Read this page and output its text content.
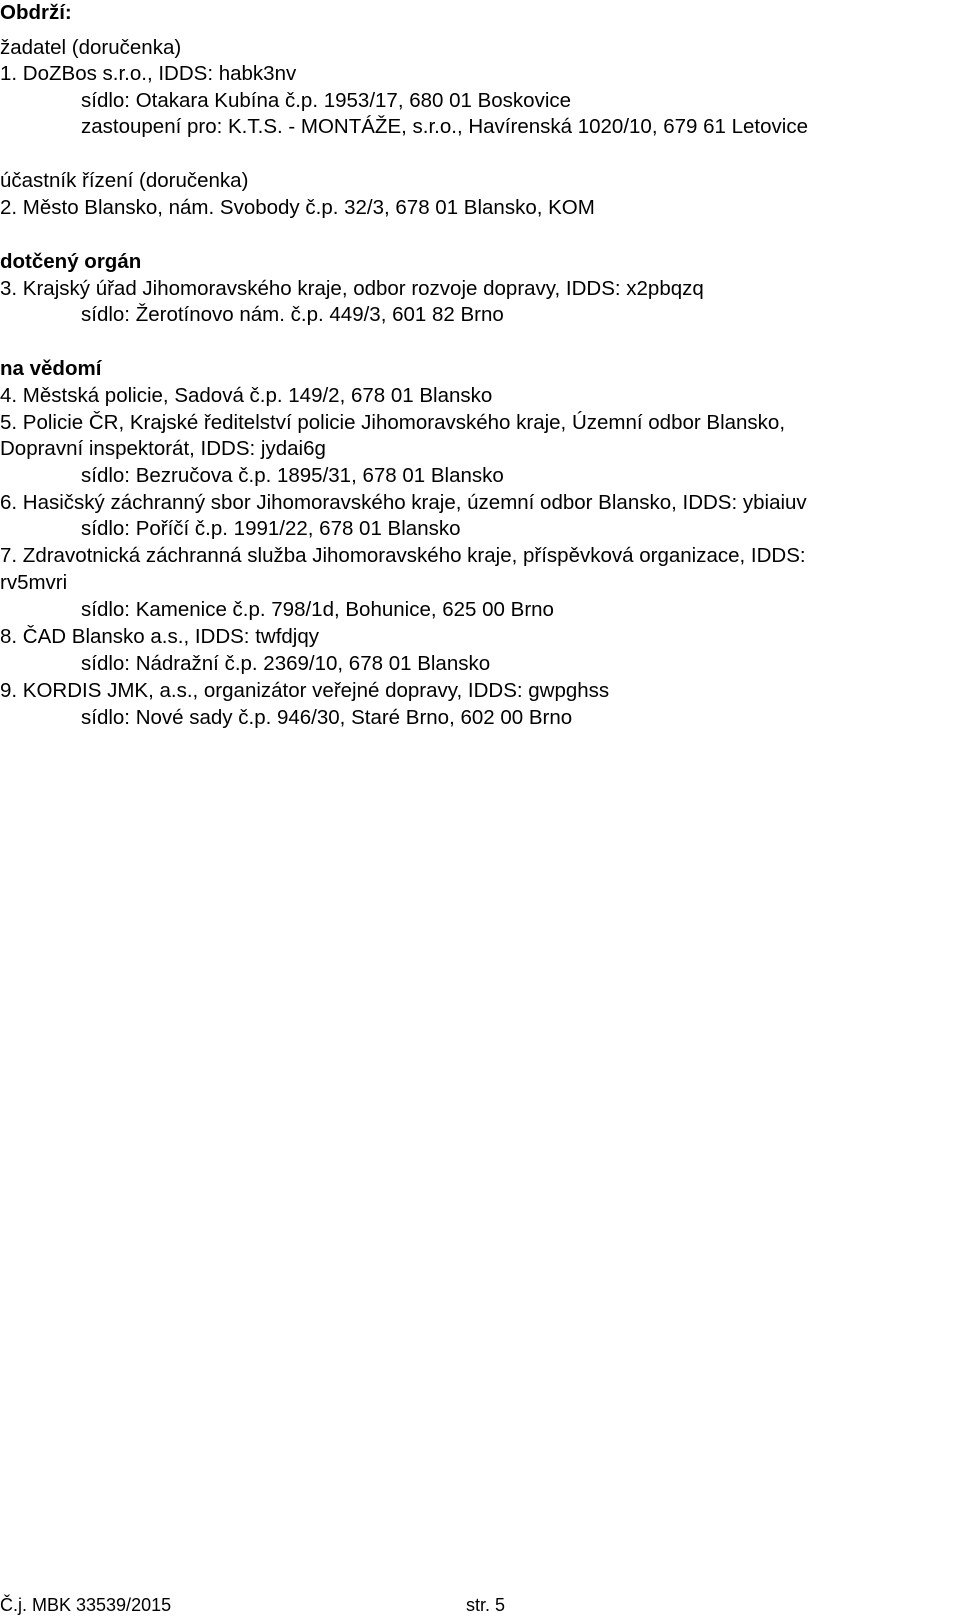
Obdrží:
žadatel (doručenka)
1. DoZBos s.r.o., IDDS: habk3nv
sídlo: Otakara Kubína č.p. 1953/17, 680 01 Boskovice
zastoupení pro: K.T.S. - MONTÁŽE, s.r.o., Havírenská 1020/10, 679 61 Letovice
účastník řízení (doručenka)
2. Město Blansko, nám. Svobody č.p. 32/3, 678 01 Blansko, KOM
dotčený orgán
3. Krajský úřad Jihomoravského kraje, odbor rozvoje dopravy, IDDS: x2pbqzq
sídlo: Žerotínovo nám. č.p. 449/3, 601 82 Brno
na vědomí
4. Městská policie, Sadová č.p. 149/2, 678 01 Blansko
5. Policie ČR, Krajské ředitelství policie Jihomoravského kraje, Územní odbor Blansko,
Dopravní inspektorát, IDDS: jydai6g
sídlo: Bezručova č.p. 1895/31, 678 01 Blansko
6. Hasičský záchranný sbor Jihomoravského kraje, územní odbor Blansko, IDDS: ybiaiuv
sídlo: Poříčí č.p. 1991/22, 678 01 Blansko
7. Zdravotnická záchranná služba Jihomoravského kraje, příspěvková organizace, IDDS:
rv5mvri
sídlo: Kamenice č.p. 798/1d, Bohunice, 625 00 Brno
8. ČAD Blansko a.s., IDDS: twfdjqy
sídlo: Nádražní č.p. 2369/10, 678 01 Blansko
9. KORDIS JMK, a.s., organizátor veřejné dopravy, IDDS: gwpghss
sídlo: Nové sady č.p. 946/30, Staré Brno, 602 00 Brno
Č.j. MBK 33539/2015	str. 5
